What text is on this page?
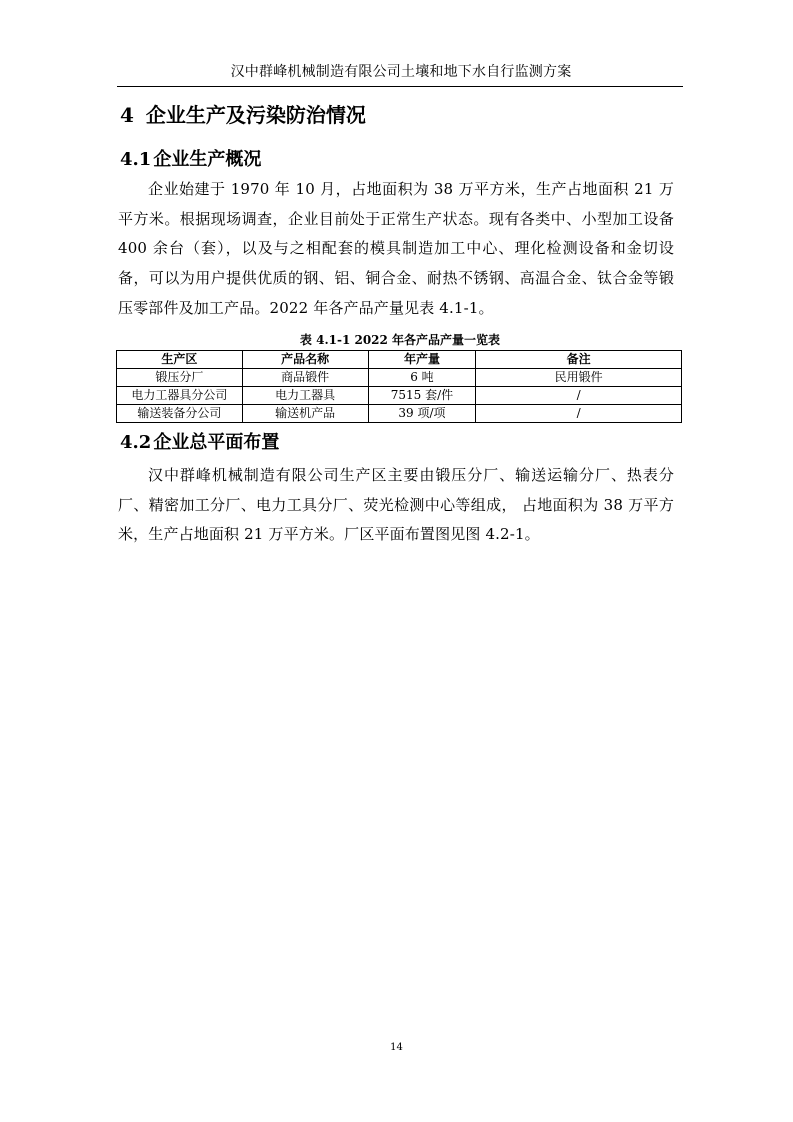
汉中群峰机械制造有限公司土壤和地下水自行监测方案
4 企业生产及污染防治情况
4.1 企业生产概况
企业始建于 1970 年 10 月，占地面积为 38 万平方米，生产占地面积 21 万平方米。根据现场调查，企业目前处于正常生产状态。现有各类中、小型加工设备 400 余台（套），以及与之相配套的模具制造加工中心、理化检测设备和金切设备，可以为用户提供优质的钢、铝、铜合金、耐热不锈钢、高温合金、钛合金等锻压零部件及加工产品。2022 年各产品产量见表 4.1-1。
表 4.1-1 2022 年各产品产量一览表
生产区	产品名称	年产量	备注
锻压分厂	商品锻件	6 吨	民用锻件
电力工器具分公司	电力工器具	7515 套/件	/
输送装备分公司	输送机产品	39 项/项	/
4.2 企业总平面布置
汉中群峰机械制造有限公司生产区主要由锻压分厂、输送运输分厂、热表分厂、精密加工分厂、电力工具分厂、荧光检测中心等组成， 占地面积为 38 万平方米，生产占地面积 21 万平方米。厂区平面布置图见图 4.2-1。
14
